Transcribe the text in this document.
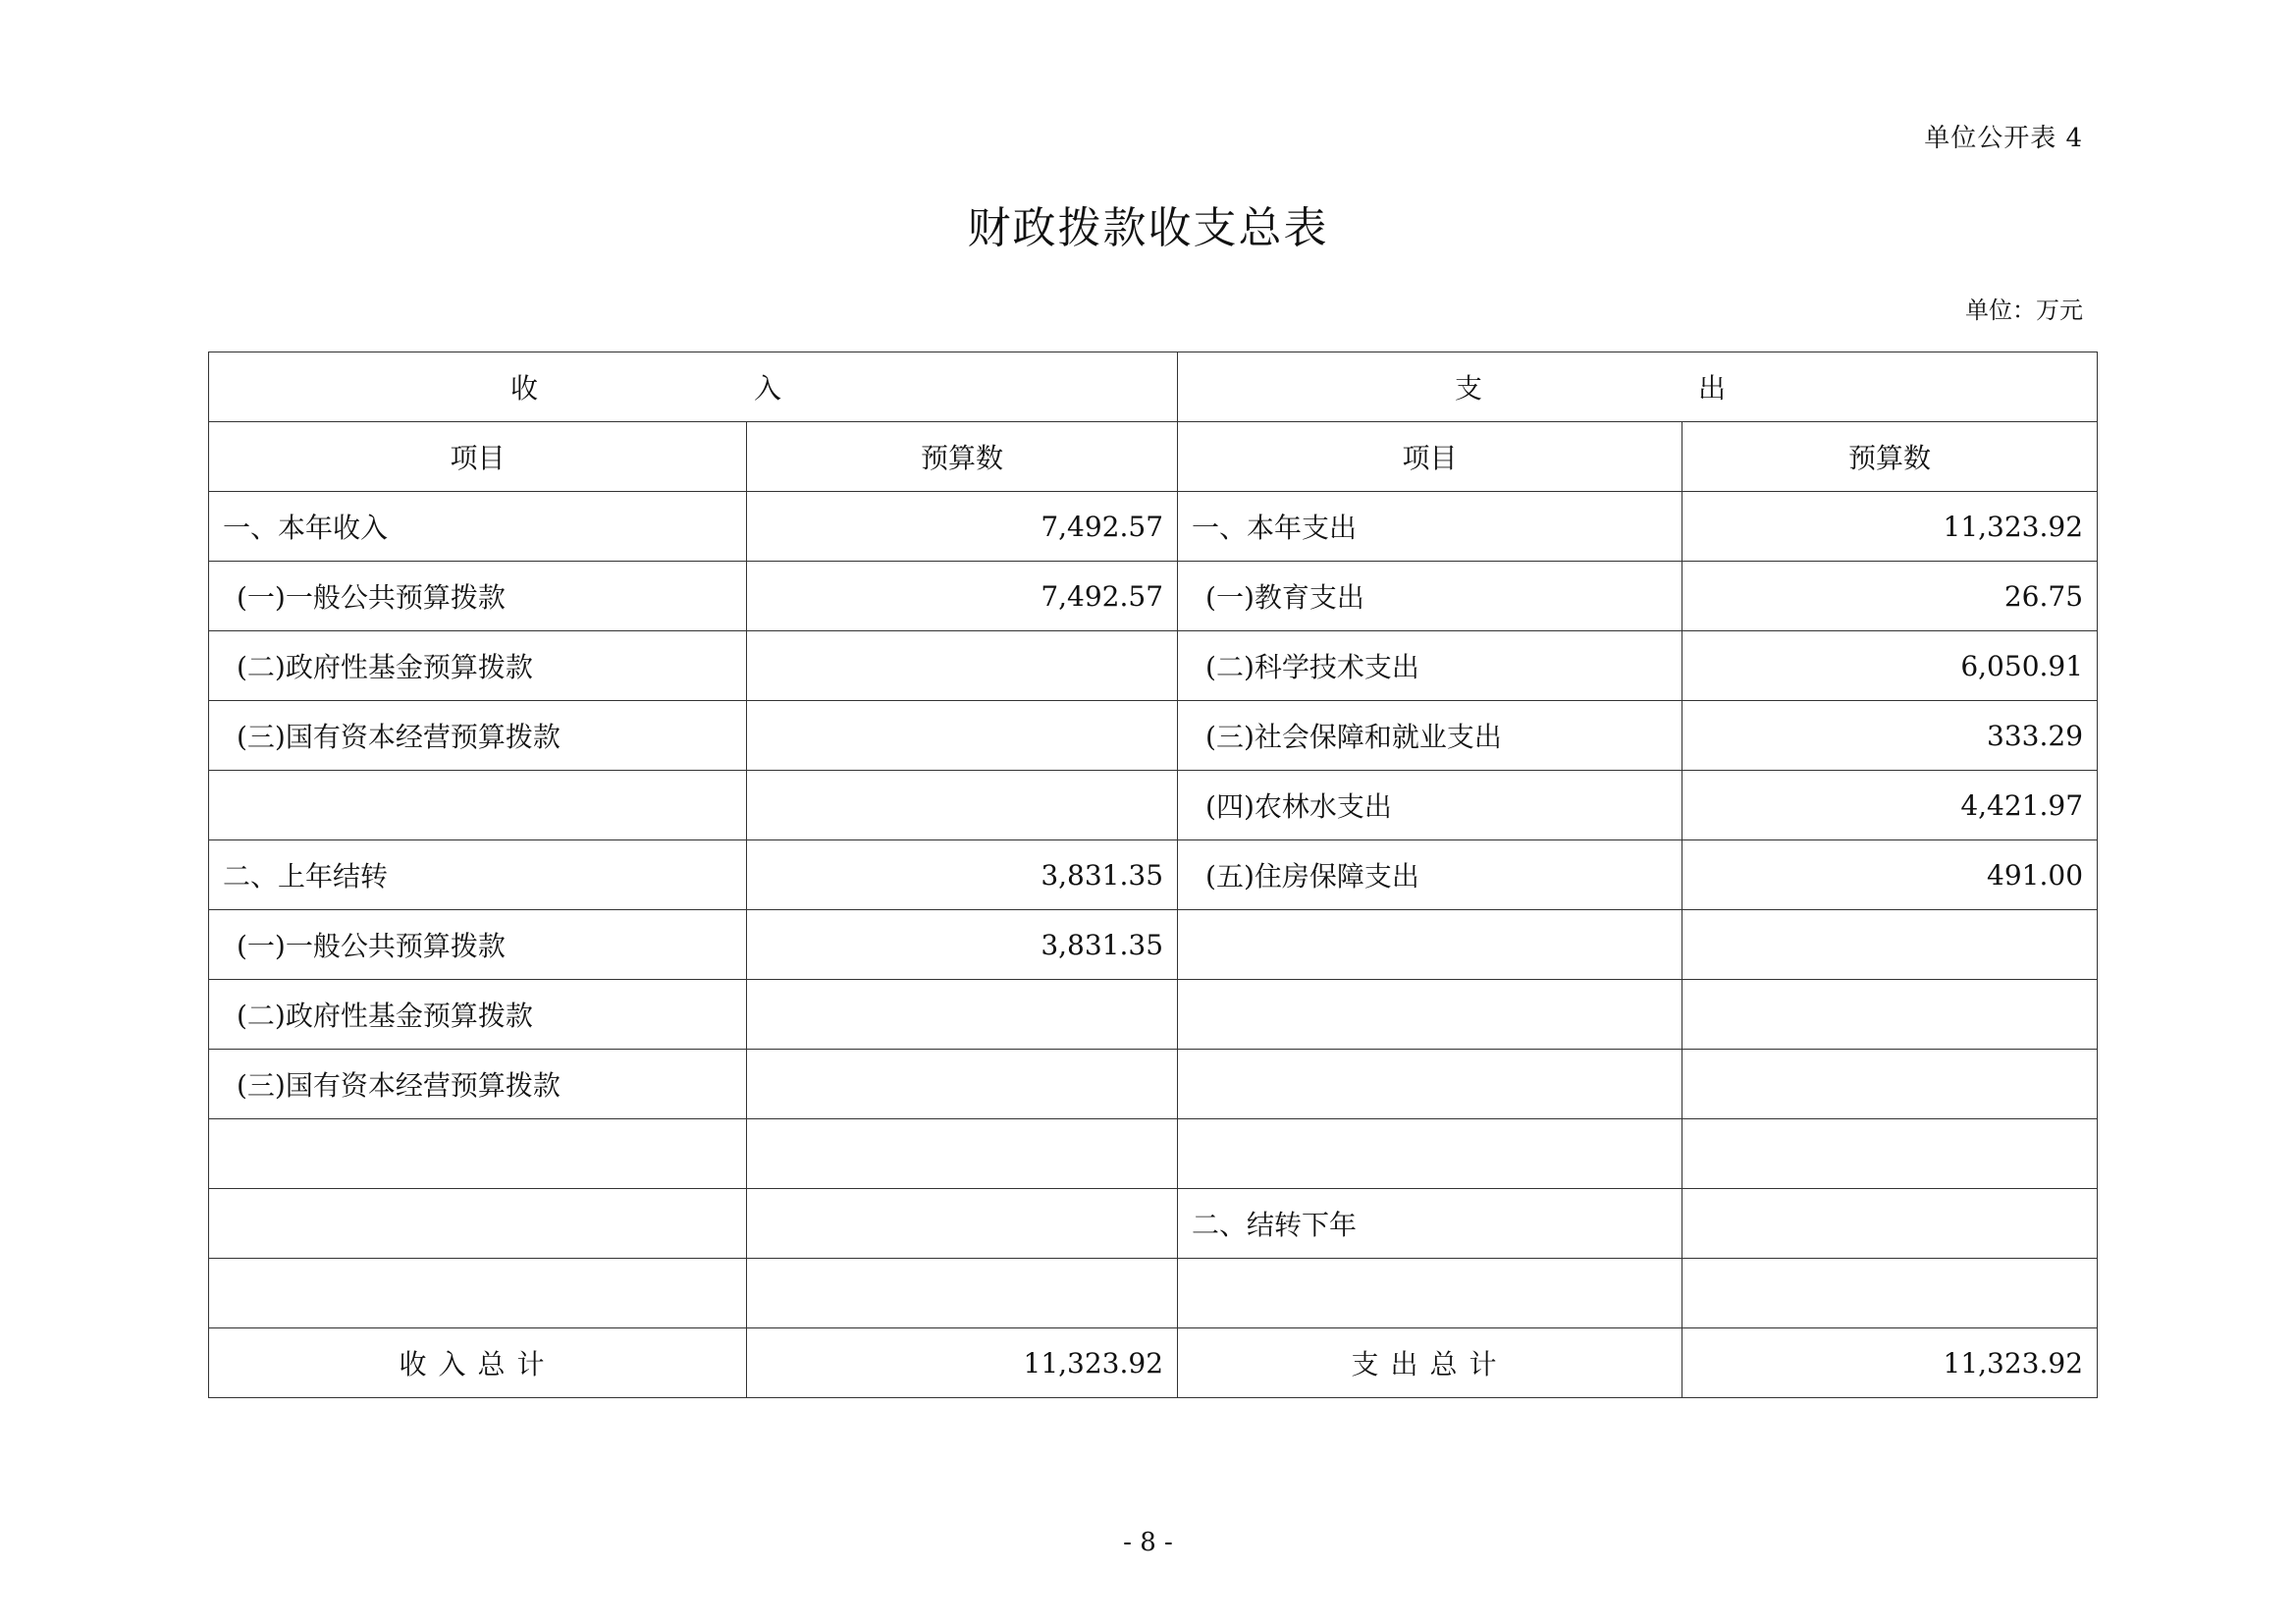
单位公开表 4
财政拨款收支总表
单位：万元
收　入		支　出	
项目	预算数	项目	预算数
一、本年收入	7,492.57	一、本年支出	11,323.92
(一)一般公共预算拨款	7,492.57	(一)教育支出	26.75
(二)政府性基金预算拨款		(二)科学技术支出	6,050.91
(三)国有资本经营预算拨款		(三)社会保障和就业支出	333.29
		(四)农林水支出	4,421.97
二、上年结转	3,831.35	(五)住房保障支出	491.00
(一)一般公共预算拨款	3,831.35		
(二)政府性基金预算拨款			
(三)国有资本经营预算拨款			

		二、结转下年	

收入总计	11,323.92	支出总计	11,323.92
- 8 -
